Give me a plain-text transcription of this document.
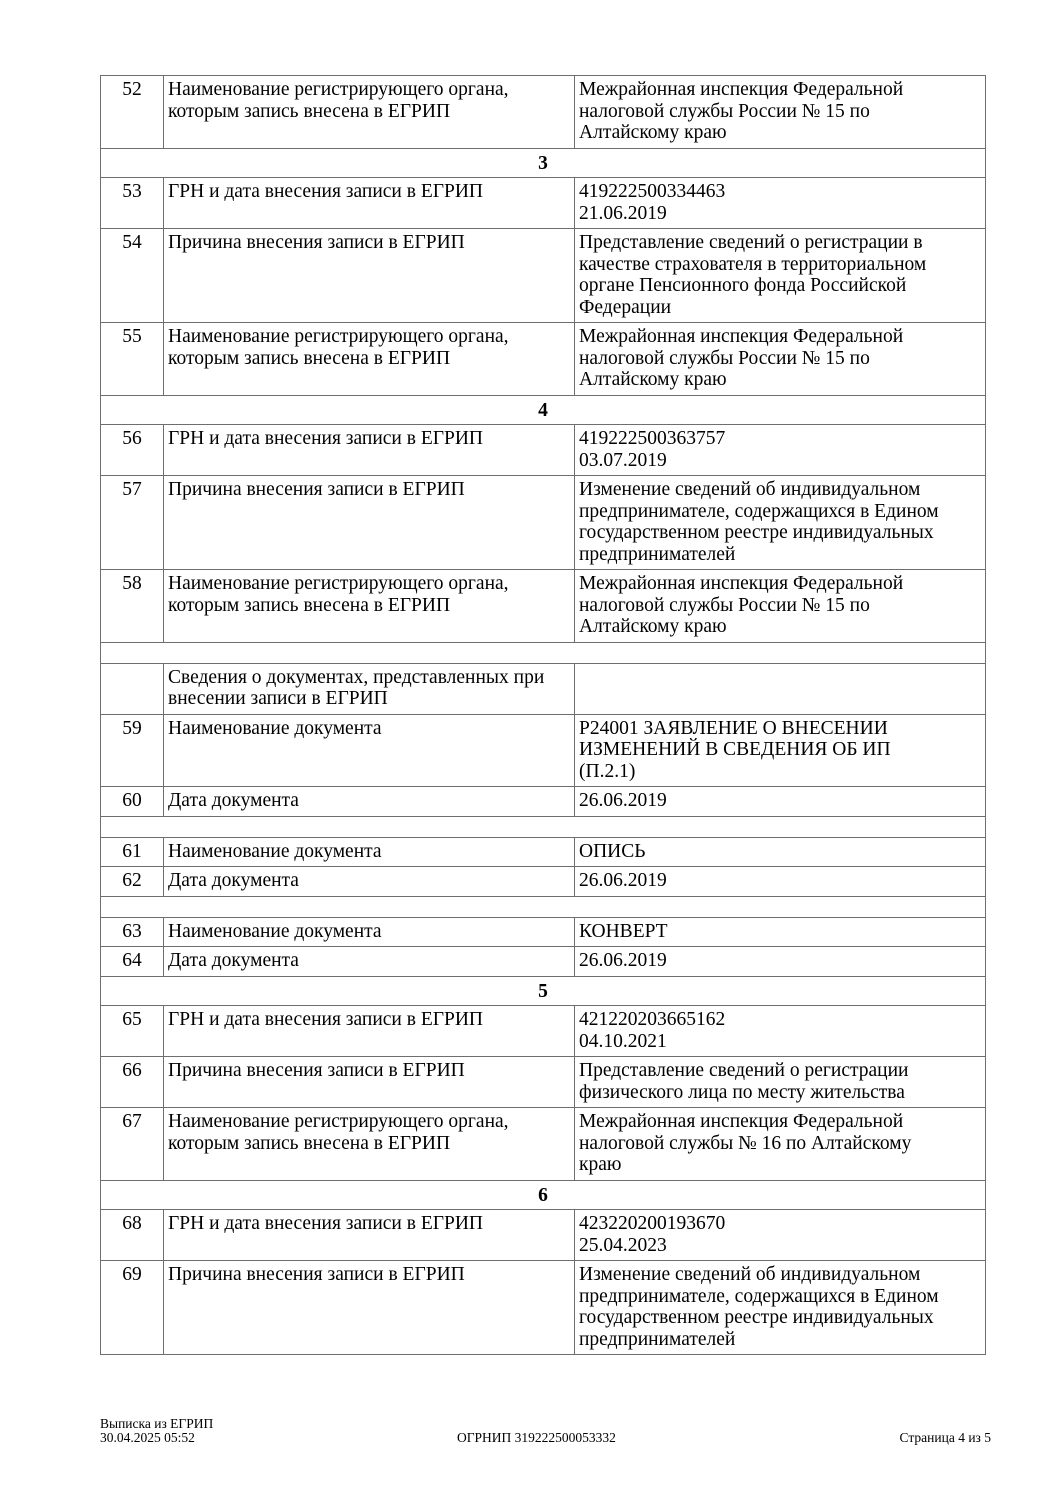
52	Наименование регистрирующего органа, которым запись внесена в ЕГРИП	Межрайонная инспекция Федеральной
налоговой службы России № 15 по
Алтайскому краю
3		
53	ГРН и дата внесения записи в ЕГРИП	419222500334463
21.06.2019
54	Причина внесения записи в ЕГРИП	Представление сведений о регистрации в
качестве страхователя в территориальном
органе Пенсионного фонда Российской
Федерации
55	Наименование регистрирующего органа, которым запись внесена в ЕГРИП	Межрайонная инспекция Федеральной
налоговой службы России № 15 по
Алтайскому краю
4		
56	ГРН и дата внесения записи в ЕГРИП	419222500363757
03.07.2019
57	Причина внесения записи в ЕГРИП	Изменение сведений об индивидуальном
предпринимателе, содержащихся в Едином
государственном реестре индивидуальных
предпринимателей
58	Наименование регистрирующего органа, которым запись внесена в ЕГРИП	Межрайонная инспекция Федеральной
налоговой службы России № 15 по
Алтайскому краю

	Сведения о документах, представленных при внесении записи в ЕГРИП	
59	Наименование документа	Р24001 ЗАЯВЛЕНИЕ О ВНЕСЕНИИ
ИЗМЕНЕНИЙ В СВЕДЕНИЯ ОБ ИП
(П.2.1)
60	Дата документа	26.06.2019

61	Наименование документа	ОПИСЬ
62	Дата документа	26.06.2019

63	Наименование документа	КОНВЕРТ
64	Дата документа	26.06.2019
5		
65	ГРН и дата внесения записи в ЕГРИП	421220203665162
04.10.2021
66	Причина внесения записи в ЕГРИП	Представление сведений о регистрации
физического лица по месту жительства
67	Наименование регистрирующего органа, которым запись внесена в ЕГРИП	Межрайонная инспекция Федеральной
налоговой службы № 16 по Алтайскому
краю
6		
68	ГРН и дата внесения записи в ЕГРИП	423220200193670
25.04.2023
69	Причина внесения записи в ЕГРИП	Изменение сведений об индивидуальном
предпринимателе, содержащихся в Едином
государственном реестре индивидуальных
предпринимателей
Выписка из ЕГРИП
30.04.2025 05:52	ОГРНИП 319222500053332	Страница 4 из 5
